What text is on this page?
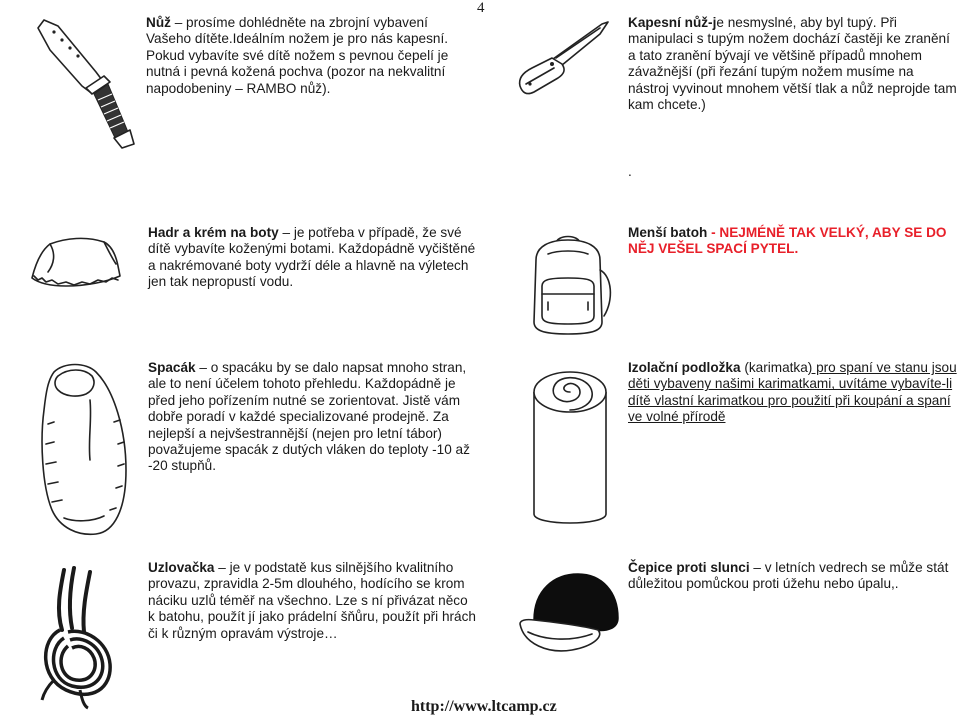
4
Nůž – prosíme dohlédněte na zbrojní vybavení Vašeho dítěte.Ideálním nožem je pro nás kapesní. Pokud vybavíte své dítě nožem s pevnou čepelí je nutná i pevná kožená pochva (pozor na nekvalitní napodobeniny – RAMBO nůž).
Kapesní nůž-je nesmyslné, aby byl tupý. Při manipulaci s tupým nožem dochází častěji ke zranění a tato zranění bývají ve většině případů mnohem závažnější (při řezání tupým nožem musíme na nástroj vyvinout mnohem větší tlak a nůž neprojde tam kam chcete.)
.
Hadr a krém na boty – je potřeba v případě, že své dítě vybavíte koženými botami. Každopádně vyčištěné a nakrémované boty vydrží déle a hlavně na výletech jen tak nepropustí vodu.
Menší batoh - NEJMÉNĚ TAK VELKÝ, ABY SE DO NĚJ VEŠEL SPACÍ PYTEL.
Spacák – o spacáku by se dalo napsat mnoho stran, ale to není účelem tohoto přehledu. Každopádně je před jeho pořízením nutné se zorientovat. Jistě vám dobře poradí v každé specializované prodejně. Za nejlepší a nejvšestrannější (nejen pro letní tábor) považujeme spacák z dutých vláken do teploty -10 až -20 stupňů.
Izolační podložka (karimatka) pro spaní ve stanu jsou děti vybaveny našimi karimatkami, uvítáme vybavíte-li dítě vlastní karimatkou pro použití při koupání a spaní ve volné přírodě
Uzlovačka – je v podstatě kus silnějšího kvalitního provazu, zpravidla 2-5m dlouhého, hodícího se krom náciku uzlů téměř na všechno. Lze s ní přivázat něco k batohu, použít jí jako prádelní šňůru, použít při hrách či k různým opravám výstroje…
Čepice proti slunci – v letních vedrech se může stát důležitou pomůckou proti úžehu nebo úpalu,.
http://www.ltcamp.cz
